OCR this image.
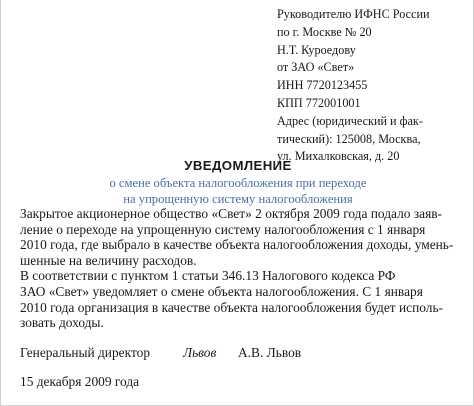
Руководителю ИФНС России
по г. Москве № 20
Н.Т. Куроедову
от ЗАО «Свет»
ИНН 7720123455
КПП 772001001
Адрес (юридический и фак-
тический): 125008, Москва,
ул. Михалковская, д. 20
УВЕДОМЛЕНИЕ
о смене объекта налогообложения при переходе
на упрощенную систему налогообложения
Закрытое акционерное общество «Свет» 2 октября 2009 года подало заяв-
ление о переходе на упрощенную систему налогообложения с 1 января
2010 года, где выбрало в качестве объекта налогообложения доходы, умень-
шенные на величину расходов.
В соответствии с пунктом 1 статьи 346.13 Налогового кодекса РФ
ЗАО «Свет» уведомляет о смене объекта налогообложения. С 1 января
2010 года организация в качестве объекта налогообложения будет исполь-
зовать доходы.
Генеральный директор Львов А.В. Львов
15 декабря 2009 года
